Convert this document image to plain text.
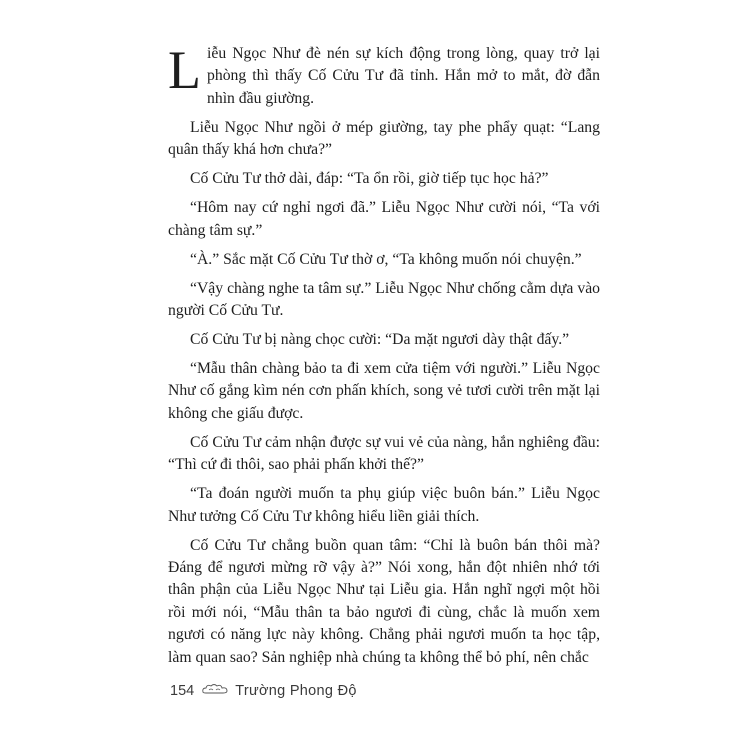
Liễu Ngọc Như đè nén sự kích động trong lòng, quay trở lại phòng thì thấy Cố Cửu Tư đã tỉnh. Hắn mở to mắt, đờ đẫn nhìn đầu giường.

Liễu Ngọc Như ngồi ở mép giường, tay phe phẩy quạt: “Lang quân thấy khá hơn chưa?”

Cố Cửu Tư thở dài, đáp: “Ta ổn rồi, giờ tiếp tục học hả?”

“Hôm nay cứ nghỉ ngơi đã.” Liễu Ngọc Như cười nói, “Ta với chàng tâm sự.”

“À.” Sắc mặt Cố Cửu Tư thờ ơ, “Ta không muốn nói chuyện.”

“Vậy chàng nghe ta tâm sự.” Liễu Ngọc Như chống cằm dựa vào người Cố Cửu Tư.

Cố Cửu Tư bị nàng chọc cười: “Da mặt ngươi dày thật đấy.”

“Mẫu thân chàng bảo ta đi xem cửa tiệm với người.” Liễu Ngọc Như cố gắng kìm nén cơn phấn khích, song vẻ tươi cười trên mặt lại không che giấu được.

Cố Cửu Tư cảm nhận được sự vui vẻ của nàng, hắn nghiêng đầu: “Thì cứ đi thôi, sao phải phấn khởi thế?”

“Ta đoán người muốn ta phụ giúp việc buôn bán.” Liễu Ngọc Như tưởng Cố Cửu Tư không hiểu liền giải thích.

Cố Cửu Tư chẳng buồn quan tâm: “Chỉ là buôn bán thôi mà? Đáng để ngươi mừng rỡ vậy à?” Nói xong, hắn đột nhiên nhớ tới thân phận của Liễu Ngọc Như tại Liễu gia. Hắn nghĩ ngợi một hồi rồi mới nói, “Mẫu thân ta bảo ngươi đi cùng, chắc là muốn xem ngươi có năng lực này không. Chẳng phải ngươi muốn ta học tập, làm quan sao? Sản nghiệp nhà chúng ta không thể bỏ phí, nên chắc

154	Trường Phong Độ
